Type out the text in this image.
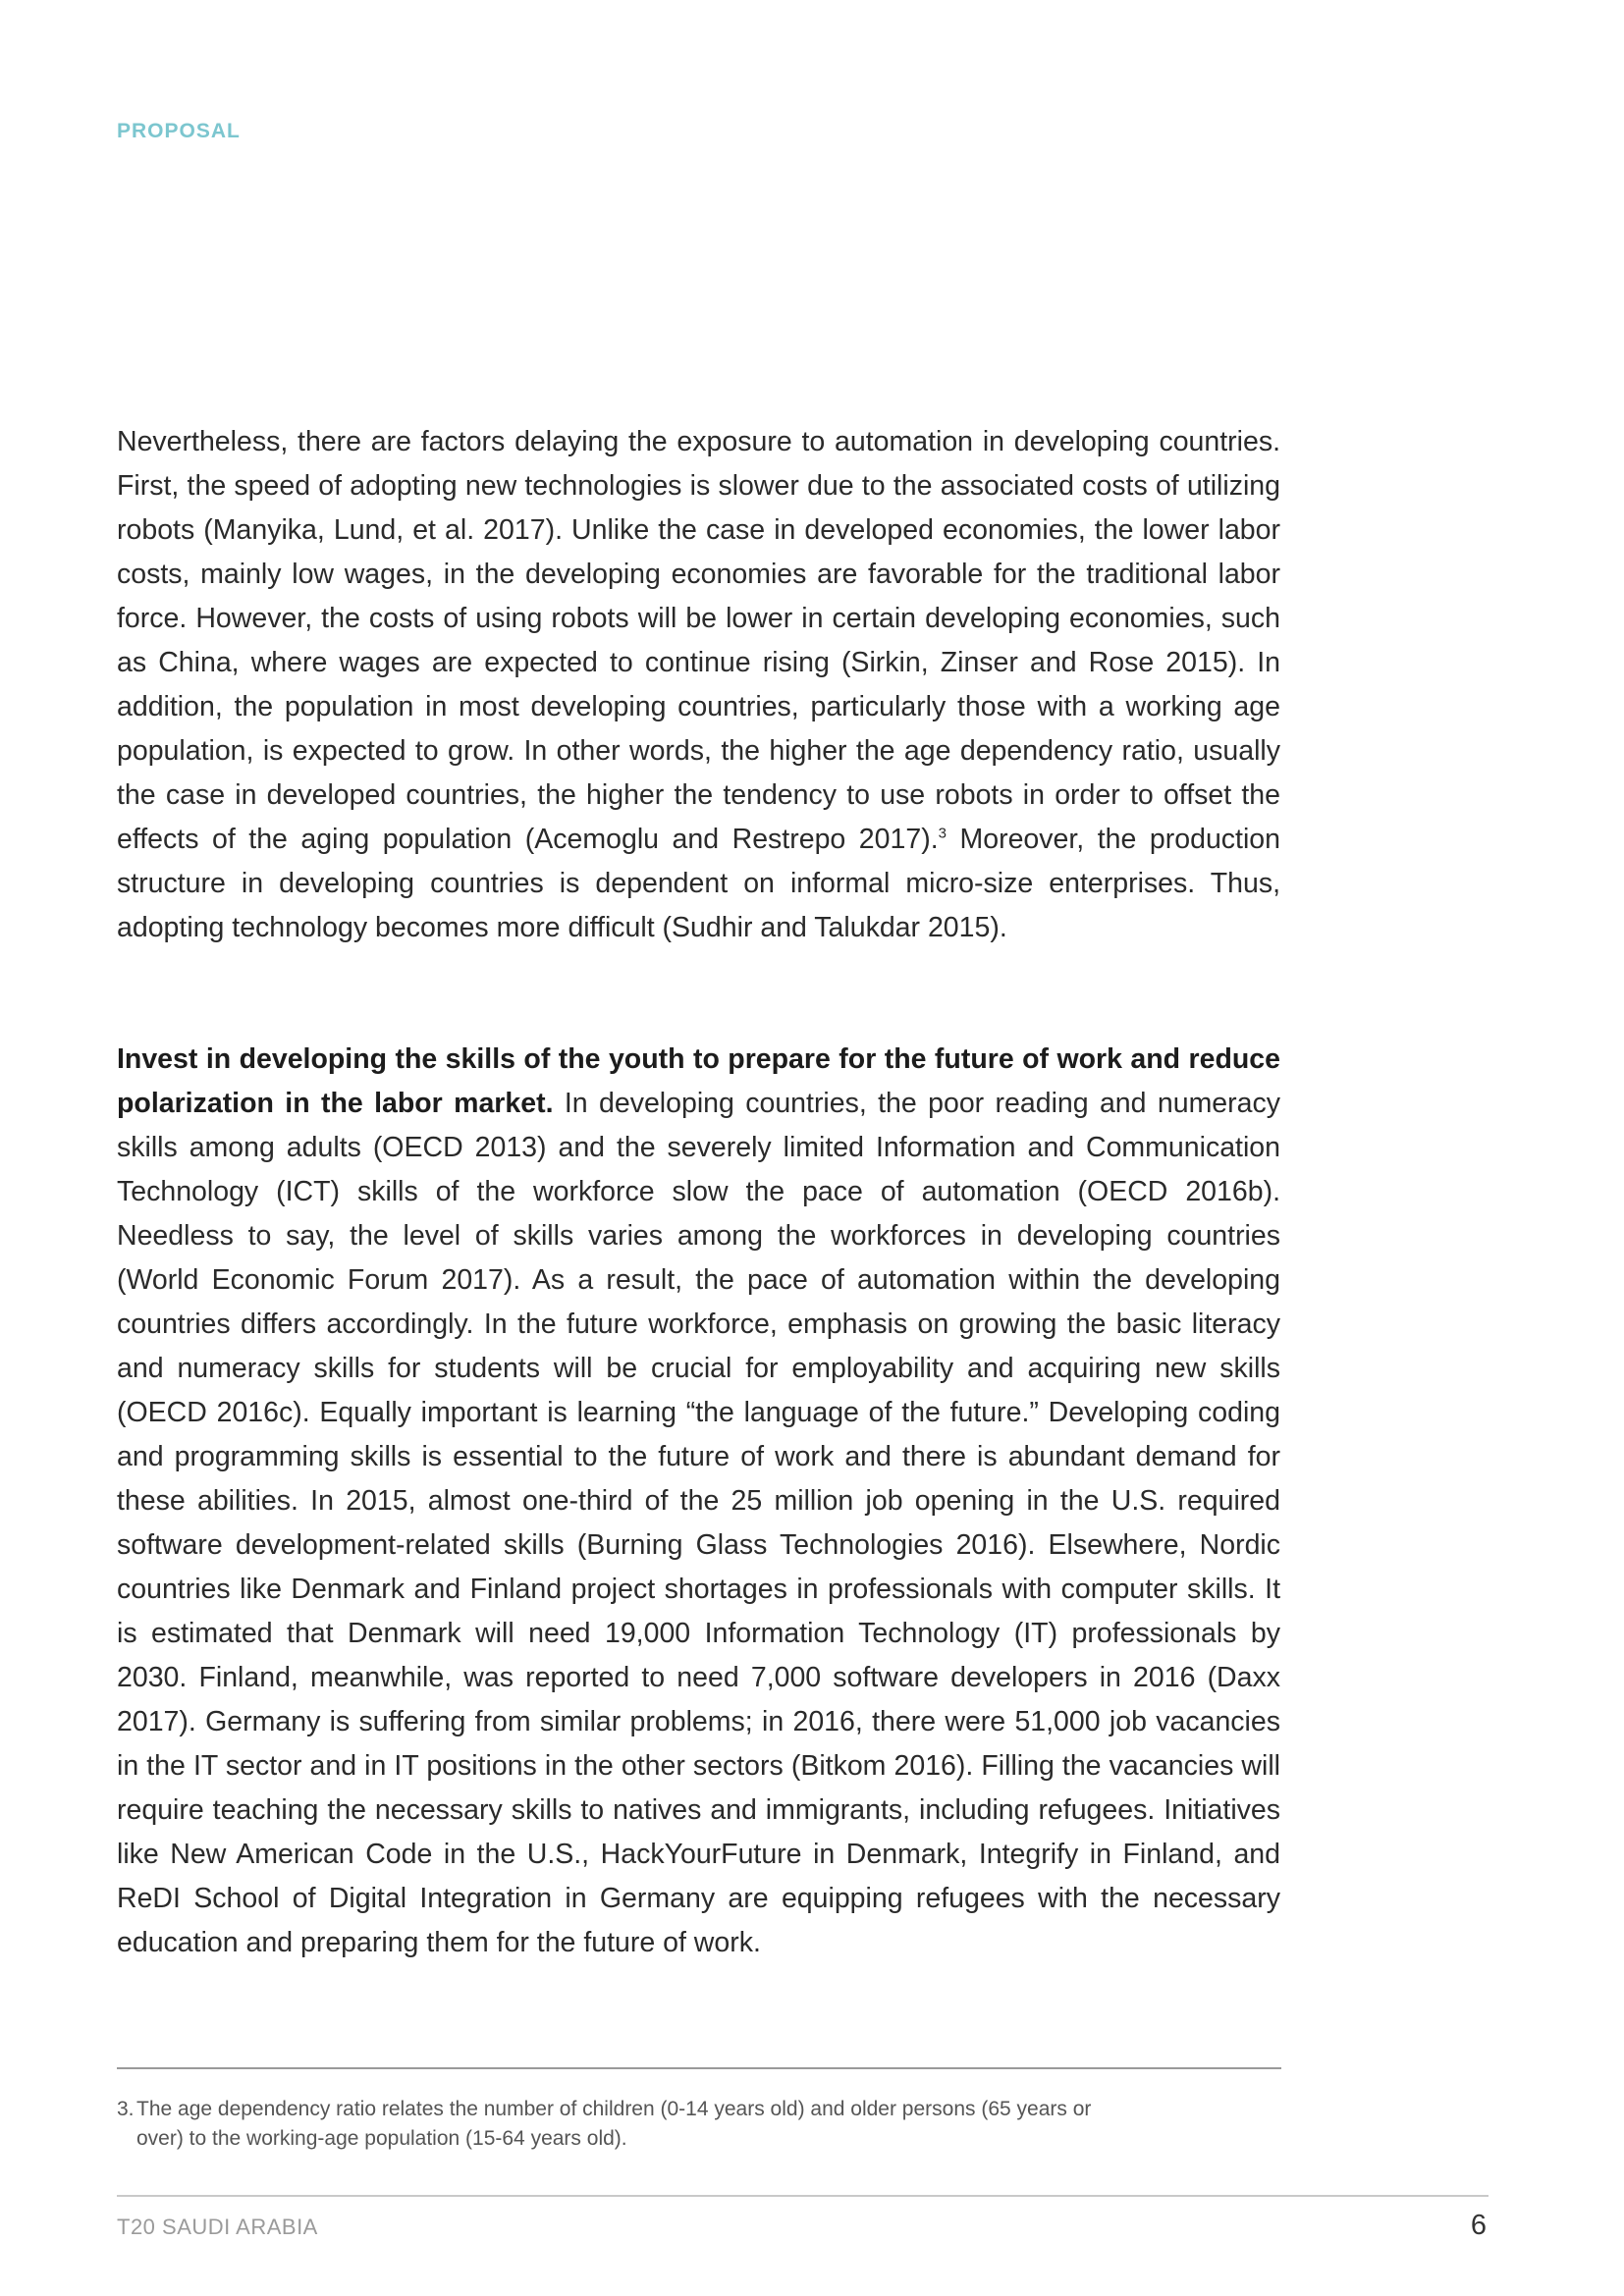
PROPOSAL

Nevertheless, there are factors delaying the exposure to automation in developing countries. First, the speed of adopting new technologies is slower due to the associated costs of utilizing robots (Manyika, Lund, et al. 2017). Unlike the case in developed economies, the lower labor costs, mainly low wages, in the developing economies are favorable for the traditional labor force. However, the costs of using robots will be lower in certain developing economies, such as China, where wages are expected to continue rising (Sirkin, Zinser and Rose 2015). In addition, the population in most developing countries, particularly those with a working age population, is expected to grow. In other words, the higher the age dependency ratio, usually the case in developed countries, the higher the tendency to use robots in order to offset the effects of the aging population (Acemoglu and Restrepo 2017).$^3$ Moreover, the production structure in developing countries is dependent on informal micro-size enterprises. Thus, adopting technology becomes more difficult (Sudhir and Talukdar 2015).

Invest in developing the skills of the youth to prepare for the future of work and reduce polarization in the labor market. In developing countries, the poor reading and numeracy skills among adults (OECD 2013) and the severely limited Information and Communication Technology (ICT) skills of the workforce slow the pace of automation (OECD 2016b). Needless to say, the level of skills varies among the workforces in developing countries (World Economic Forum 2017). As a result, the pace of automation within the developing countries differs accordingly. In the future workforce, emphasis on growing the basic literacy and numeracy skills for students will be crucial for employability and acquiring new skills (OECD 2016c). Equally important is learning “the language of the future.” Developing coding and programming skills is essential to the future of work and there is abundant demand for these abilities. In 2015, almost one-third of the 25 million job opening in the U.S. required software development-related skills (Burning Glass Technologies 2016). Elsewhere, Nordic countries like Denmark and Finland project shortages in professionals with computer skills. It is estimated that Denmark will need 19,000 Information Technology (IT) professionals by 2030. Finland, meanwhile, was reported to need 7,000 software developers in 2016 (Daxx 2017). Germany is suffering from similar problems; in 2016, there were 51,000 job vacancies in the IT sector and in IT positions in the other sectors (Bitkom 2016). Filling the vacancies will require teaching the necessary skills to natives and immigrants, including refugees. Initiatives like New American Code in the U.S., HackYourFuture in Denmark, Integrify in Finland, and ReDI School of Digital Integration in Germany are equipping refugees with the necessary education and preparing them for the future of work.

3. The age dependency ratio relates the number of children (0-14 years old) and older persons (65 years or
over) to the working-age population (15-64 years old).
T20 SAUDI ARABIA	6
